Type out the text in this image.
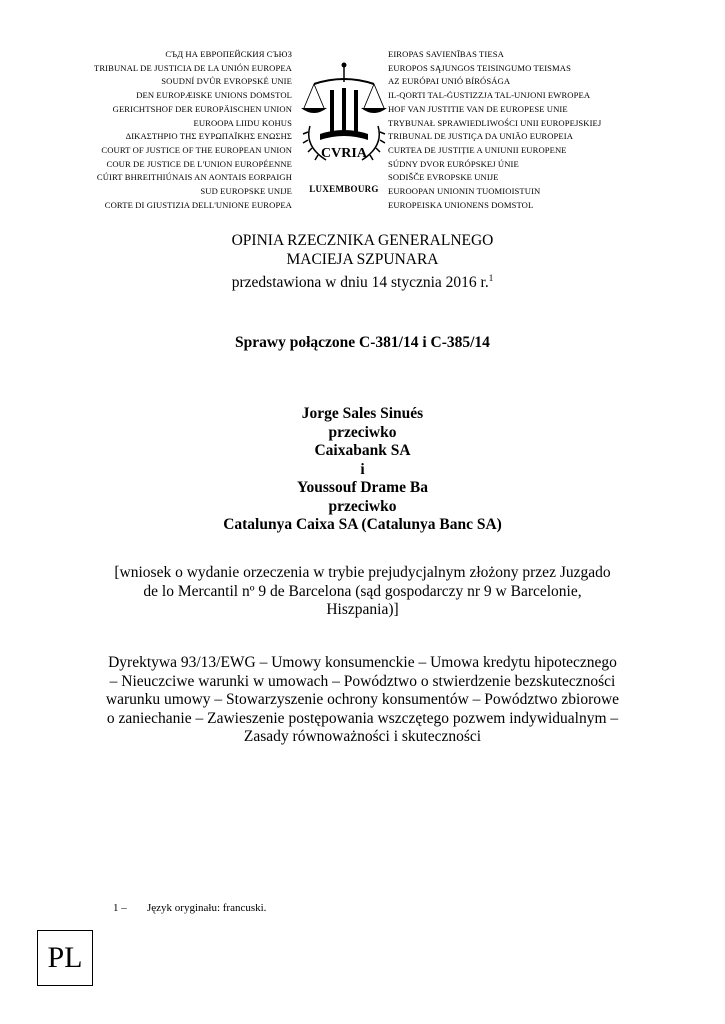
СЪД НА ЕВРОПЕЙСКИЯ СЪЮЗ
TRIBUNAL DE JUSTICIA DE LA UNIÓN EUROPEA
SOUDNÍ DVŮR EVROPSKÉ UNIE
DEN EUROPÆISKE UNIONS DOMSTOL
GERICHTSHOF DER EUROPÄISCHEN UNION
EUROOPA LIIDU KOHUS
ΔΙΚΑΣΤΗΡΙΟ ΤΗΣ ΕΥΡΩΠΑΪΚΗΣ ΕΝΩΣΗΣ
COURT OF JUSTICE OF THE EUROPEAN UNION
COUR DE JUSTICE DE L'UNION EUROPÉENNE
CÚIRT BHREITHIÚNAIS AN AONTAIS EORPAIGH
SUD EUROPSKE UNIJE
CORTE DI GIUSTIZIA DELL'UNIONE EUROPEA
CVRIA
LUXEMBOURG
EIROPAS SAVIENĪBAS TIESA
EUROPOS SĄJUNGOS TEISINGUMO TEISMAS
AZ EURÓPAI UNIÓ BÍRÓSÁGA
IL-QORTI TAL-ĠUSTIZZJA TAL-UNJONI EWROPEA
HOF VAN JUSTITIE VAN DE EUROPESE UNIE
TRYBUNAŁ SPRAWIEDLIWOŚCI UNII EUROPEJSKIEJ
TRIBUNAL DE JUSTIÇA DA UNIÃO EUROPEIA
CURTEA DE JUSTIȚIE A UNIUNII EUROPENE
SÚDNY DVOR EURÓPSKEJ ÚNIE
SODIŠČE EVROPSKE UNIJE
EUROOPAN UNIONIN TUOMIOISTUIN
EUROPEISKA UNIONENS DOMSTOL
OPINIA RZECZNIKA GENERALNEGO
MACIEJA SZPUNARA
przedstawiona w dniu 14 stycznia 2016 r.$^1$
Sprawy połączone C-381/14 i C-385/14
Jorge Sales Sinués
przeciwko
Caixabank SA
i
Youssouf Drame Ba
przeciwko
Catalunya Caixa SA (Catalunya Banc SA)
[wniosek o wydanie orzeczenia w trybie prejudycjalnym złożony przez Juzgado
de lo Mercantil nº 9 de Barcelona (sąd gospodarczy nr 9 w Barcelonie,
Hiszpania)]
Dyrektywa 93/13/EWG – Umowy konsumenckie – Umowa kredytu hipotecznego
– Nieuczciwe warunki w umowach – Powództwo o stwierdzenie bezskuteczności
warunku umowy – Stowarzyszenie ochrony konsumentów – Powództwo zbiorowe
o zaniechanie – Zawieszenie postępowania wszczętego pozwem indywidualnym –
Zasady równoważności i skuteczności
1 – Język oryginału: francuski.
PL
